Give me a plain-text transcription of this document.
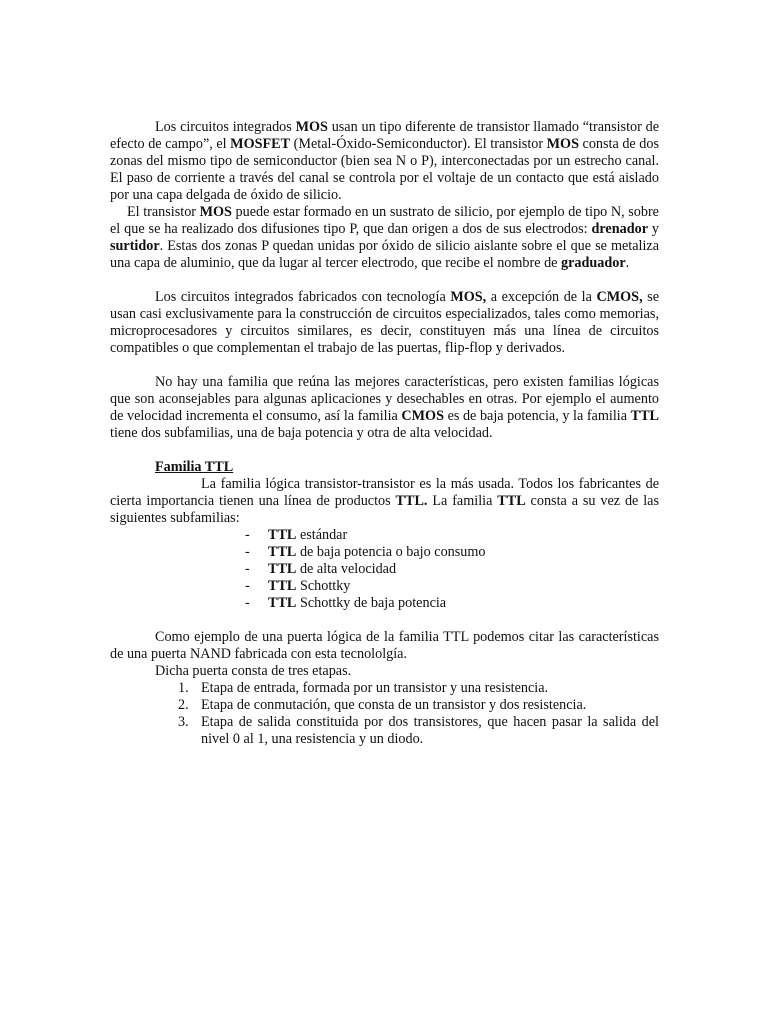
Los circuitos integrados MOS usan un tipo diferente de transistor llamado “transistor de efecto de campo”, el MOSFET (Metal-Óxido-Semiconductor). El transistor MOS consta de dos zonas del mismo tipo de semiconductor (bien sea N o P), interconectadas por un estrecho canal. El paso de corriente a través del canal se controla por el voltaje de un contacto que está aislado por una capa delgada de óxido de silicio.

El transistor MOS puede estar formado en un sustrato de silicio, por ejemplo de tipo N, sobre el que se ha realizado dos difusiones tipo P, que dan origen a dos de sus electrodos: drenador y surtidor. Estas dos zonas P quedan unidas por óxido de silicio aislante sobre el que se metaliza una capa de aluminio, que da lugar al tercer electrodo, que recibe el nombre de graduador.

Los circuitos integrados fabricados con tecnología MOS, a excepción de la CMOS, se usan casi exclusivamente para la construcción de circuitos especializados, tales como memorias, microprocesadores y circuitos similares, es decir, constituyen más una línea de circuitos compatibles o que complementan el trabajo de las puertas, flip-flop y derivados.

No hay una familia que reúna las mejores características, pero existen familias lógicas que son aconsejables para algunas aplicaciones y desechables en otras. Por ejemplo el aumento de velocidad incrementa el consumo, así la familia CMOS es de baja potencia, y la familia TTL tiene dos subfamilias, una de baja potencia y otra de alta velocidad.

Familia TTL

La familia lógica transistor-transistor es la más usada. Todos los fabricantes de cierta importancia tienen una línea de productos TTL. La familia TTL consta a su vez de las siguientes subfamilias:

- TTL estándar
- TTL de baja potencia o bajo consumo
- TTL de alta velocidad
- TTL Schottky
- TTL Schottky de baja potencia

Como ejemplo de una puerta lógica de la familia TTL podemos citar las características de una puerta NAND fabricada con esta tecnolοlgía.

Dicha puerta consta de tres etapas.
1. Etapa de entrada, formada por un transistor y una resistencia.
2. Etapa de conmutación, que consta de un transistor y dos resistencia.
3. Etapa de salida constituida por dos transistores, que hacen pasar la salida del nivel 0 al 1, una resistencia y un diodo.
